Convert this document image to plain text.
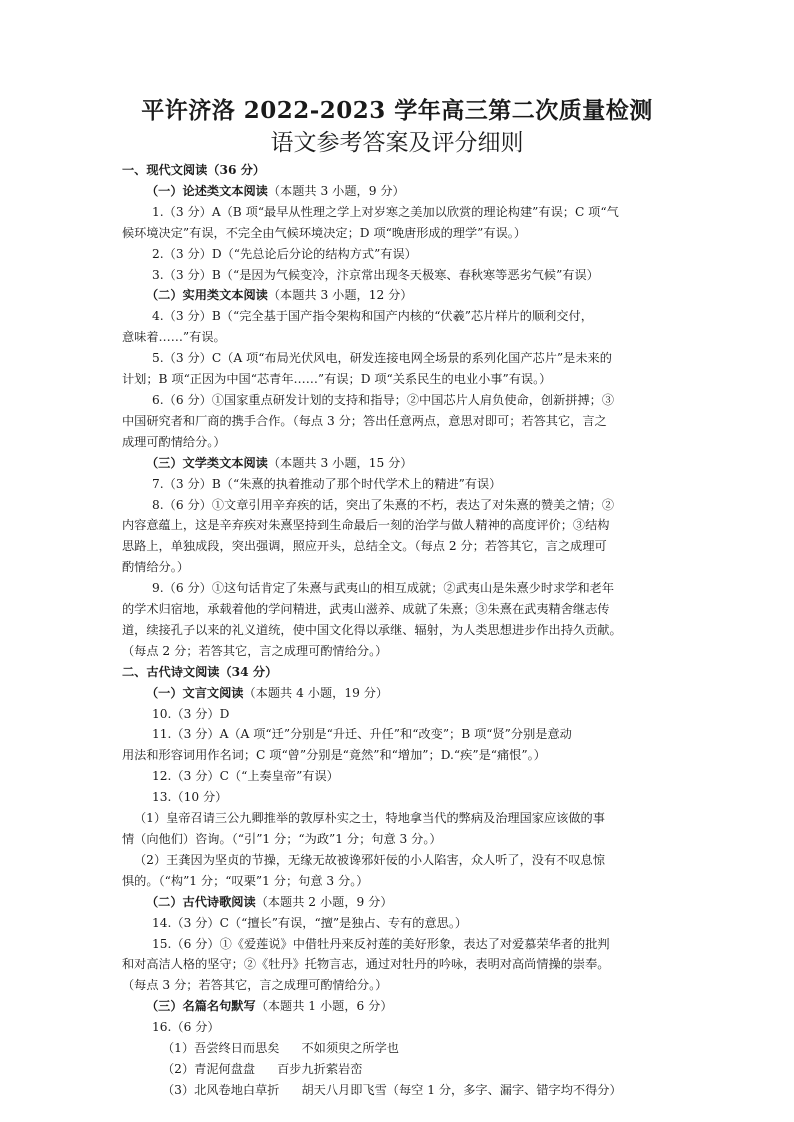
平许济洛 2022-2023 学年高三第二次质量检测
语文参考答案及评分细则

一、现代文阅读（36 分）

（一）论述类文本阅读（本题共 3 小题，9 分）

1.（3 分）A（B 项“最早从性理之学上对岁寒之美加以欣赏的理论构建”有误；C 项“气

候环境决定”有误，不完全由气候环境决定；D 项“晚唐形成的理学”有误。）

2.（3 分）D（“先总论后分论的结构方式”有误）

3.（3 分）B（“是因为气候变冷，汴京常出现冬天极寒、春秋寒等恶劣气候”有误）

（二）实用类文本阅读（本题共 3 小题，12 分）

4.（3 分）B（“完全基于国产指令架构和国产内核的“伏羲”芯片样片的顺利交付，

意味着……”有误。

5.（3 分）C（A 项“布局光伏风电，研发连接电网全场景的系列化国产芯片”是未来的

计划；B 项“正因为中国“芯青年……”有误；D 项“关系民生的电业小事”有误。）

6.（6 分）①国家重点研发计划的支持和指导；②中国芯片人肩负使命，创新拼搏；③

中国研究者和厂商的携手合作。（每点 3 分；答出任意两点，意思对即可；若答其它，言之

成理可酌情给分。）

（三）文学类文本阅读（本题共 3 小题，15 分）

7.（3 分）B（“朱熹的执着推动了那个时代学术上的精进”有误）

8.（6 分）①文章引用辛弃疾的话，突出了朱熹的不朽，表达了对朱熹的赞美之情；②

内容意蕴上，这是辛弃疾对朱熹坚持到生命最后一刻的治学与做人精神的高度评价；③结构

思路上，单独成段，突出强调，照应开头，总结全文。（每点 2 分；若答其它，言之成理可

酌情给分。）

9.（6 分）①这句话肯定了朱熹与武夷山的相互成就；②武夷山是朱熹少时求学和老年

的学术归宿地，承载着他的学问精进，武夷山滋养、成就了朱熹；③朱熹在武夷精舍继志传

道，续接孔子以来的礼义道统，使中国文化得以承继、辐射，为人类思想进步作出持久贡献。

（每点 2 分；若答其它，言之成理可酌情给分。）

二、古代诗文阅读（34 分）

（一）文言文阅读（本题共 4 小题，19 分）

10.（3 分）D

11.（3 分）A（A 项“迁”分别是“升迁、升任”和“改变”；B 项“贤”分别是意动

用法和形容词用作名词；C 项“曾”分别是“竟然”和“增加”；D.“疾”是“痛恨”。）

12.（3 分）C（“上奏皇帝”有误）

13.（10 分）

（1）皇帝召请三公九卿推举的敦厚朴实之士，特地拿当代的弊病及治理国家应该做的事

情（向他们）咨询。（“引”1 分；“为政”1 分；句意 3 分。）

（2）王龚因为坚贞的节操，无缘无故被谗邪奸佞的小人陷害，众人听了，没有不叹息惊

惧的。（“构”1 分；“叹栗”1 分；句意 3 分。）

（二）古代诗歌阅读（本题共 2 小题，9 分）

14.（3 分）C（“擅长”有误，“擅”是独占、专有的意思。）

15.（6 分）①《爱莲说》中借牡丹来反衬莲的美好形象，表达了对爱慕荣华者的批判

和对高洁人格的坚守；②《牡丹》托物言志，通过对牡丹的吟咏，表明对高尚情操的崇奉。

（每点 3 分；若答其它，言之成理可酌情给分。）

（三）名篇名句默写（本题共 1 小题，6 分）

16.（6 分）

（1）吾尝终日而思矣 不如须臾之所学也

（2）青泥何盘盘 百步九折萦岩峦

（3）北风卷地白草折 胡天八月即飞雪（每空 1 分，多字、漏字、错字均不得分）
